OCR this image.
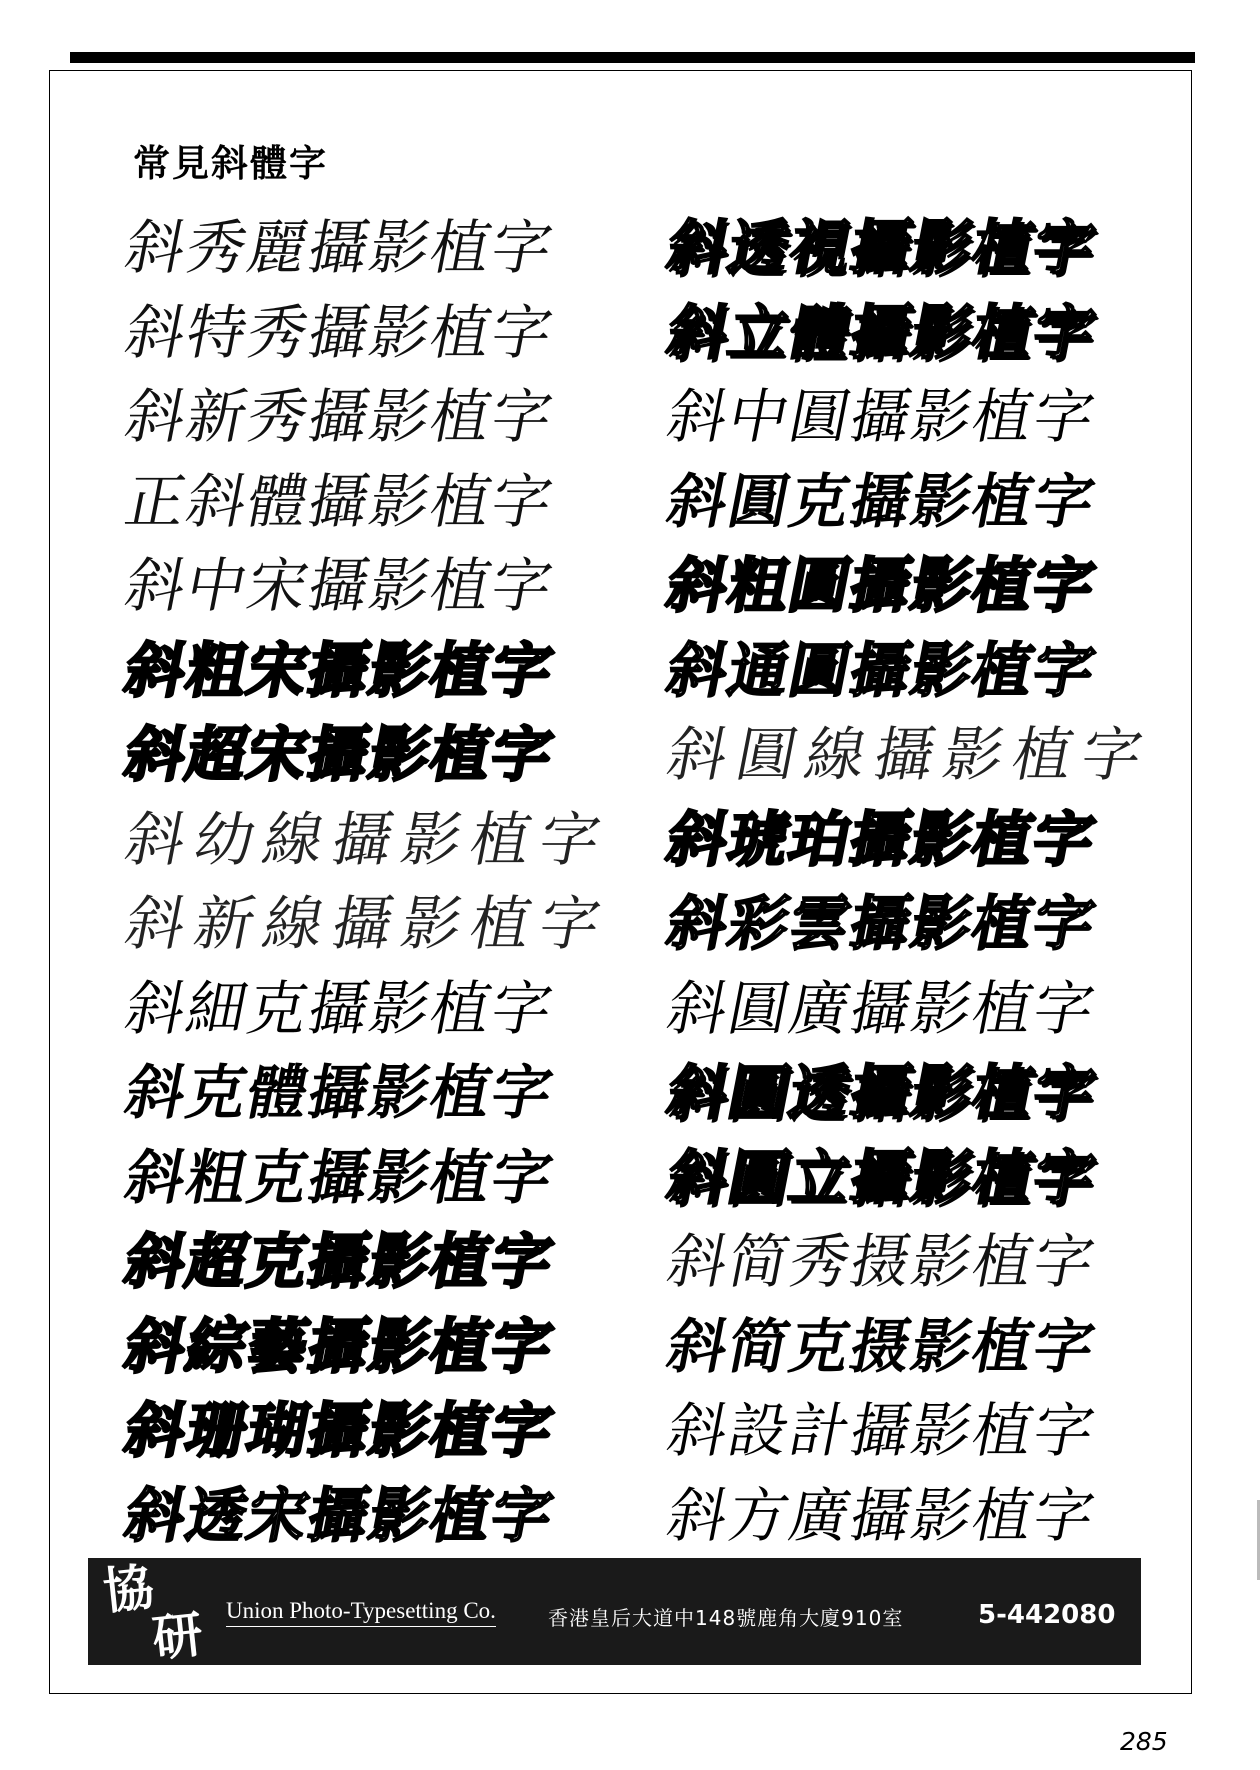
常見斜體字
斜秀麗攝影植字
斜特秀攝影植字
斜新秀攝影植字
正斜體攝影植字
斜中宋攝影植字
斜粗宋攝影植字
斜超宋攝影植字
斜幼線攝影植字
斜新線攝影植字
斜細克攝影植字
斜克體攝影植字
斜粗克攝影植字
斜超克攝影植字
斜綜藝攝影植字
斜珊瑚攝影植字
斜透宋攝影植字
斜透視攝影植字
斜立體攝影植字
斜中圓攝影植字
斜圓克攝影植字
斜粗圓攝影植字
斜通圓攝影植字
斜圓線攝影植字
斜琥珀攝影植字
斜彩雲攝影植字
斜圓廣攝影植字
斜圓透攝影植字
斜圓立攝影植字
斜简秀摄影植字
斜简克摄影植字
斜設計攝影植字
斜方廣攝影植字
協
研 Union Photo-Typesetting Co.	香港皇后大道中148號鹿角大廈910室	5-442080
285
